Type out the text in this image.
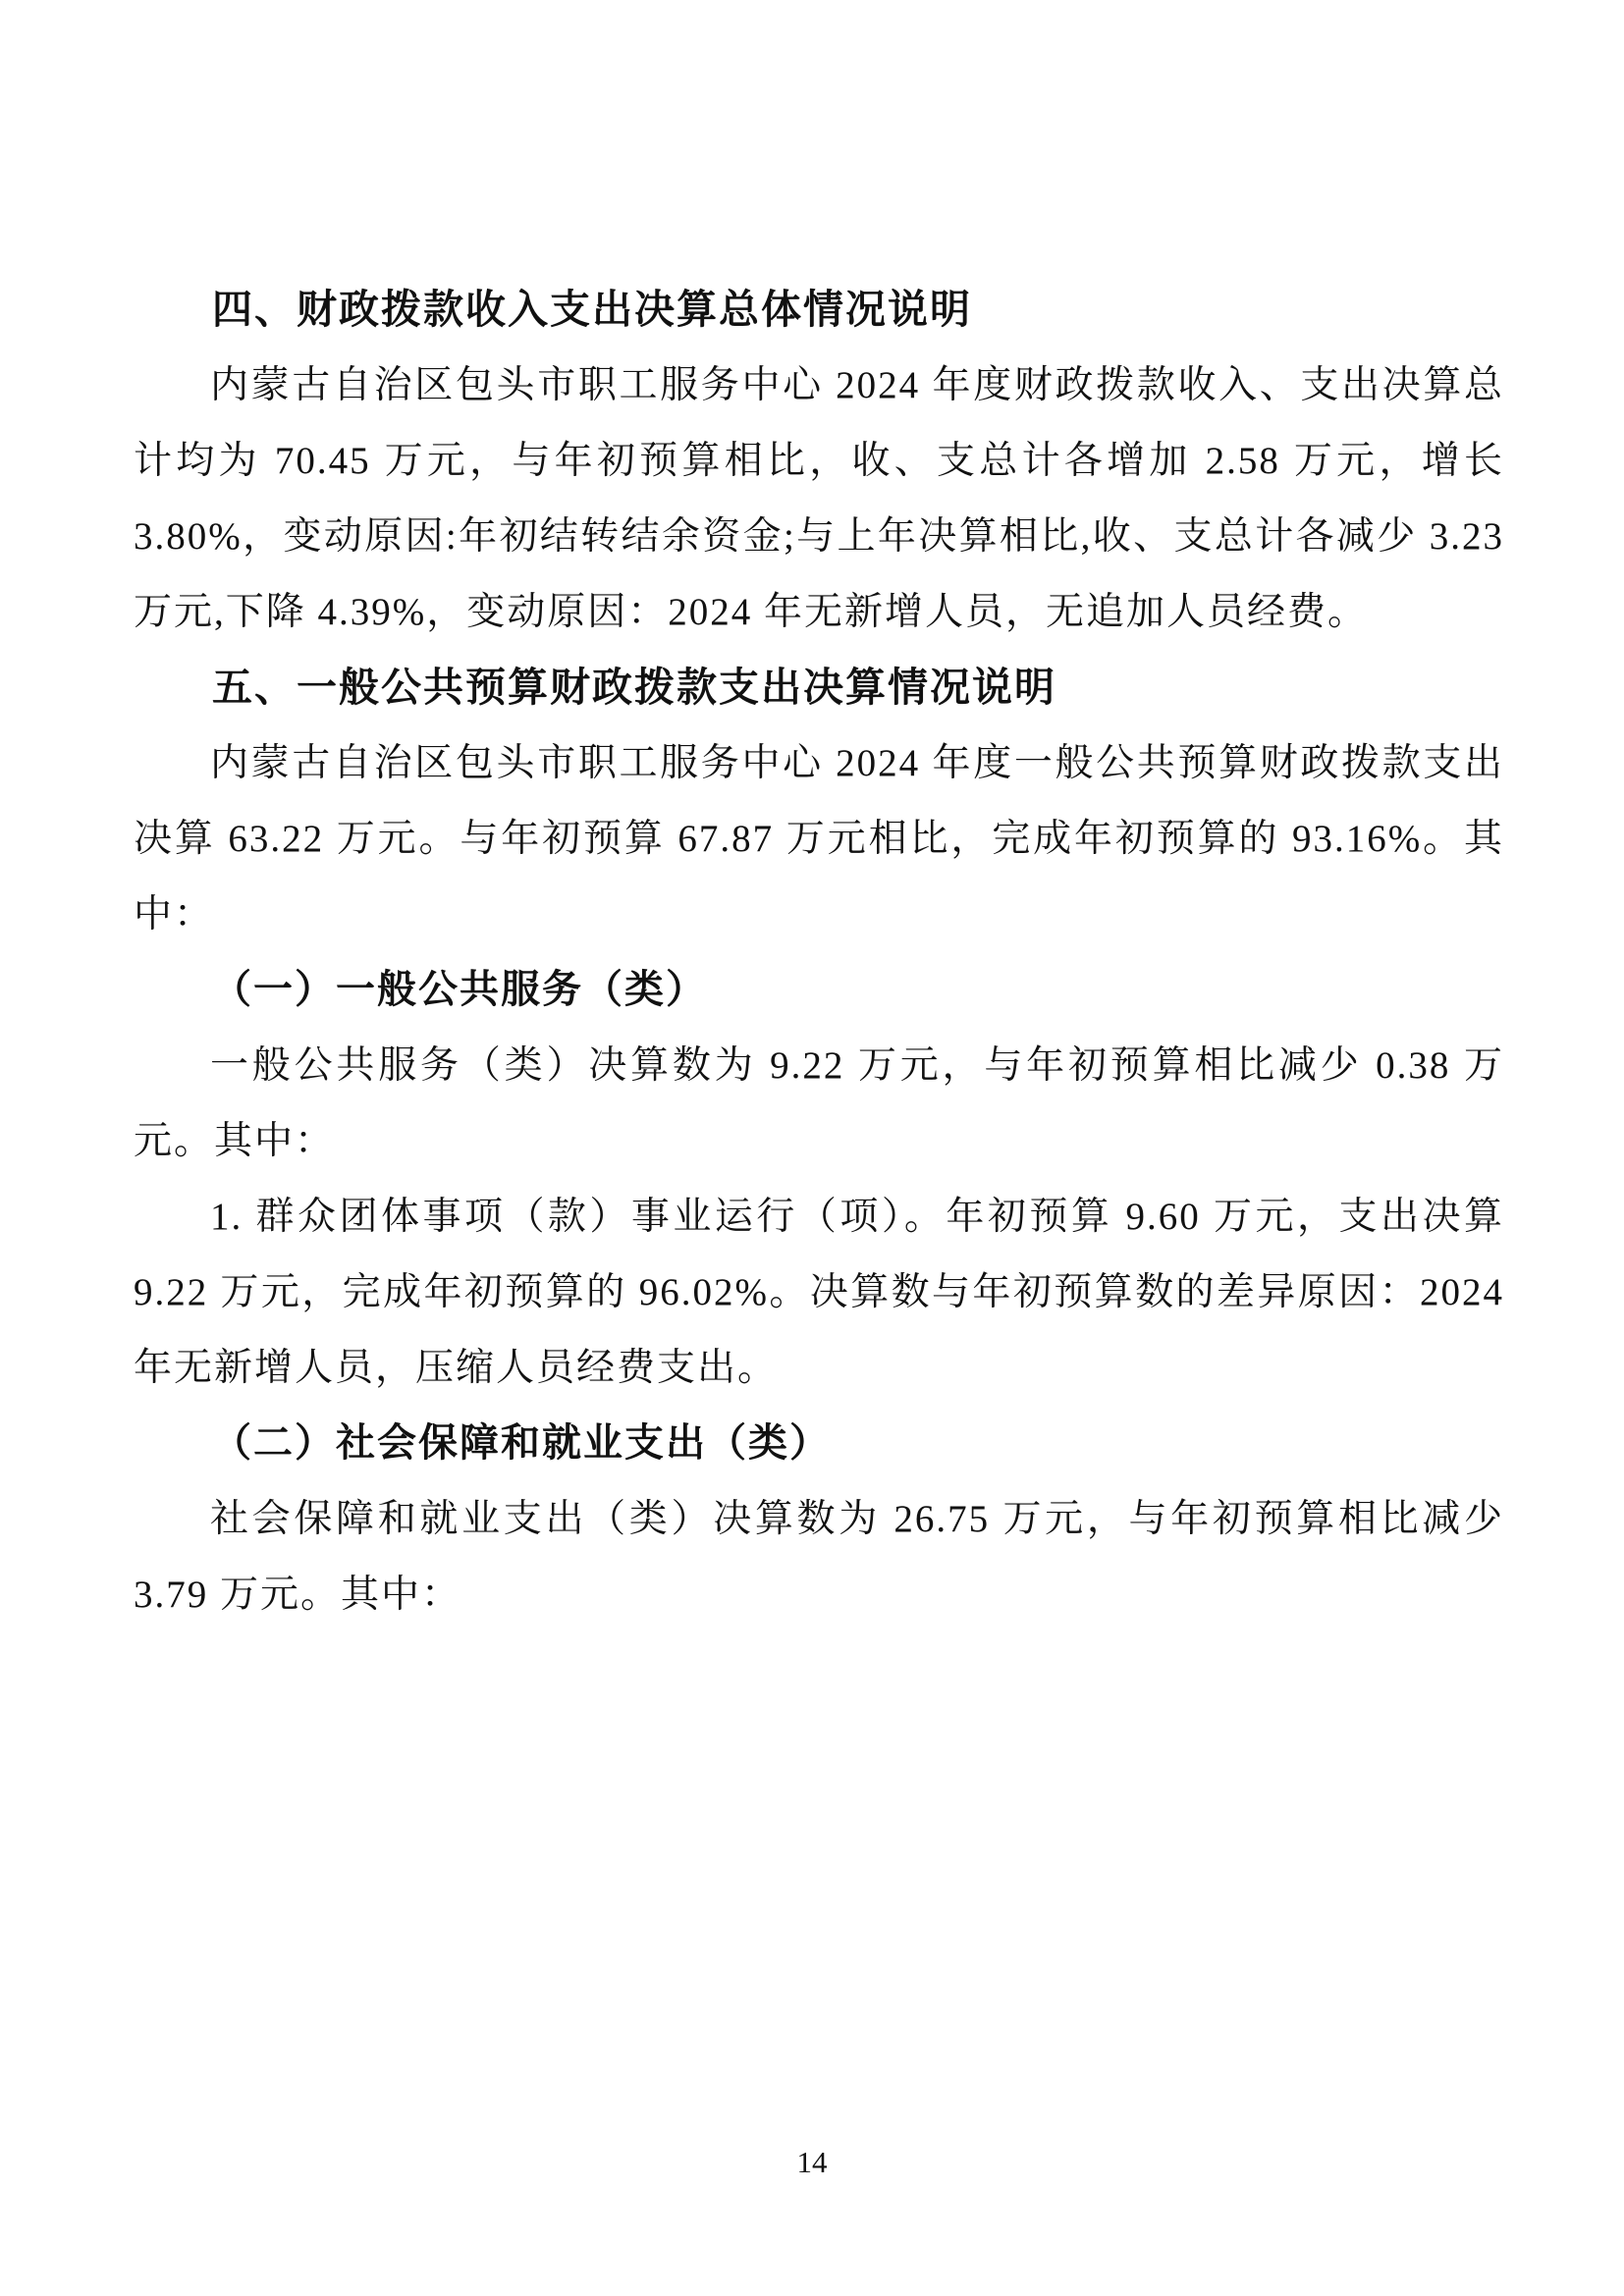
四、财政拨款收入支出决算总体情况说明

内蒙古自治区包头市职工服务中心 2024 年度财政拨款收入、支出决算总计均为 70.45 万元，与年初预算相比，收、支总计各增加 2.58 万元，增长 3.80%，变动原因:年初结转结余资金;与上年决算相比,收、支总计各减少 3.23 万元,下降 4.39%，变动原因：2024 年无新增人员，无追加人员经费。

五、一般公共预算财政拨款支出决算情况说明

内蒙古自治区包头市职工服务中心 2024 年度一般公共预算财政拨款支出决算 63.22 万元。与年初预算 67.87 万元相比，完成年初预算的 93.16%。其中：

（一）一般公共服务（类）

一般公共服务（类）决算数为 9.22 万元，与年初预算相比减少 0.38 万元。其中：

1. 群众团体事项（款）事业运行（项）。年初预算 9.60 万元，支出决算 9.22 万元，完成年初预算的 96.02%。决算数与年初预算数的差异原因：2024 年无新增人员，压缩人员经费支出。

（二）社会保障和就业支出（类）

社会保障和就业支出（类）决算数为 26.75 万元，与年初预算相比减少 3.79 万元。其中：

14
